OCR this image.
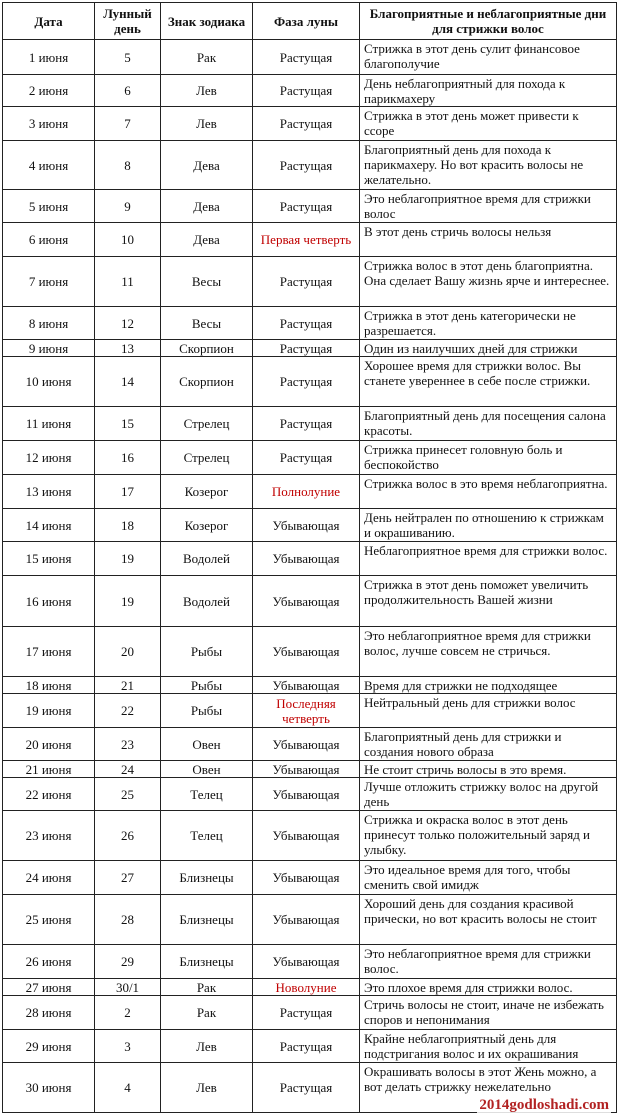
Дата	Лунный день	Знак зодиака	Фаза луны	Благоприятные и неблагоприятные дни для стрижки волос
1 июня	5	Рак	Растущая	Стрижка в этот день сулит финансовое благополучие
2 июня	6	Лев	Растущая	День неблагоприятный для похода к парикмахеру
3 июня	7	Лев	Растущая	Стрижка в этот день может привести к ссоре
4 июня	8	Дева	Растущая	Благоприятный день для похода к парикмахеру. Но вот красить волосы не желательно.
5 июня	9	Дева	Растущая	Это неблагоприятное время для стрижки волос
6 июня	10	Дева	Первая четверть	В этот день стричь волосы нельзя
7 июня	11	Весы	Растущая	Стрижка волос в этот день благоприятна. Она сделает Вашу жизнь ярче и интереснее.
8 июня	12	Весы	Растущая	Стрижка в этот день категорически не разрешается.
9 июня	13	Скорпион	Растущая	Один из наилучших дней для стрижки
10 июня	14	Скорпион	Растущая	Хорошее время для стрижки волос. Вы станете увереннее в себе после стрижки.
11 июня	15	Стрелец	Растущая	Благоприятный день для посещения салона красоты.
12 июня	16	Стрелец	Растущая	Стрижка принесет головную боль и беспокойство
13 июня	17	Козерог	Полнолуние	Стрижка волос в это время неблагоприятна.
14 июня	18	Козерог	Убывающая	День нейтрален по отношению к стрижкам и окрашиванию.
15 июня	19	Водолей	Убывающая	Неблагоприятное время для стрижки волос.
16 июня	19	Водолей	Убывающая	Стрижка в этот день поможет увеличить продолжительность Вашей жизни
17 июня	20	Рыбы	Убывающая	Это неблагоприятное время для стрижки волос, лучше совсем не стричься.
18 июня	21	Рыбы	Убывающая	Время для стрижки не подходящее
19 июня	22	Рыбы	Последняя четверть	Нейтральный день для стрижки волос
20 июня	23	Овен	Убывающая	Благоприятный день для стрижки и создания нового образа
21 июня	24	Овен	Убывающая	Не стоит стричь волосы в это время.
22 июня	25	Телец	Убывающая	Лучше отложить стрижку волос на другой день
23 июня	26	Телец	Убывающая	Стрижка и окраска волос в этот день принесут только положительный заряд и улыбку.
24 июня	27	Близнецы	Убывающая	Это идеальное время для того, чтобы сменить свой имидж
25 июня	28	Близнецы	Убывающая	Хороший день для создания красивой прически, но вот красить волосы не стоит
26 июня	29	Близнецы	Убывающая	Это неблагоприятное время для стрижки волос.
27 июня	30/1	Рак	Новолуние	Это плохое время для стрижки волос.
28 июня	2	Рак	Растущая	Стричь волосы не стоит, иначе не избежать споров и непонимания
29 июня	3	Лев	Растущая	Крайне неблагоприятный день для подстригания волос и их окрашивания
30 июня	4	Лев	Растущая	Окрашивать волосы в этот Жень можно, а вот делать стрижку нежелательно
2014godloshadi.com
